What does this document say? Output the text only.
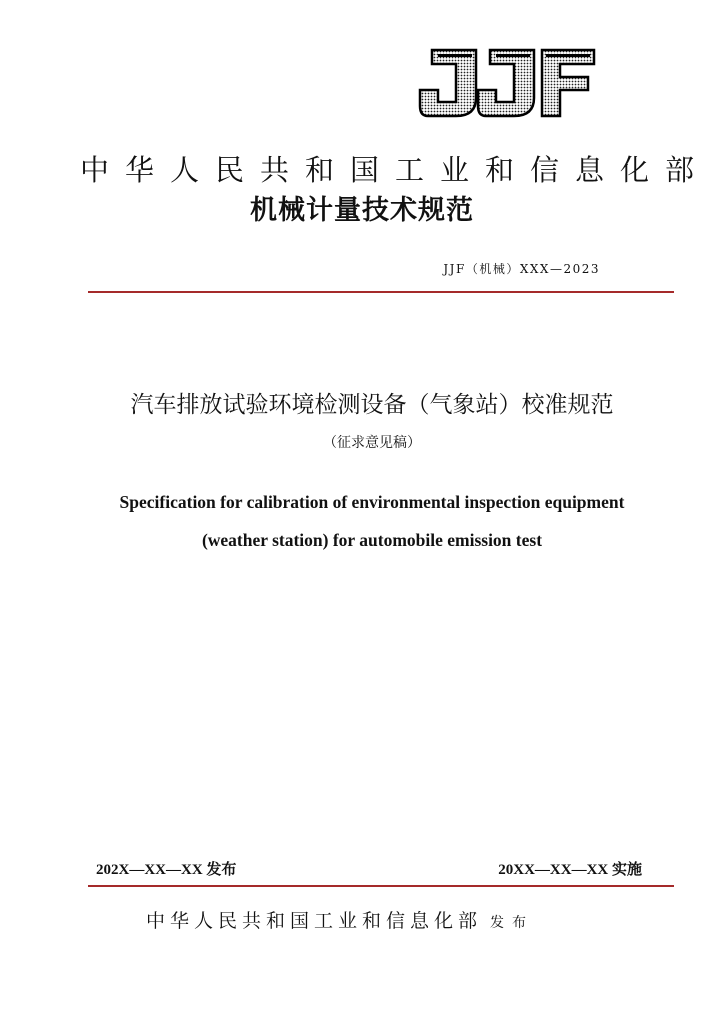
中华人民共和国工业和信息化部
机械计量技术规范
JJF（机械）XXX—2023
汽车排放试验环境检测设备（气象站）校准规范
（征求意见稿）
Specification for calibration of environmental inspection equipment
(weather station) for automobile emission test
202X—XX—XX 发布	20XX—XX—XX 实施
中华人民共和国工业和信息化部 发布
